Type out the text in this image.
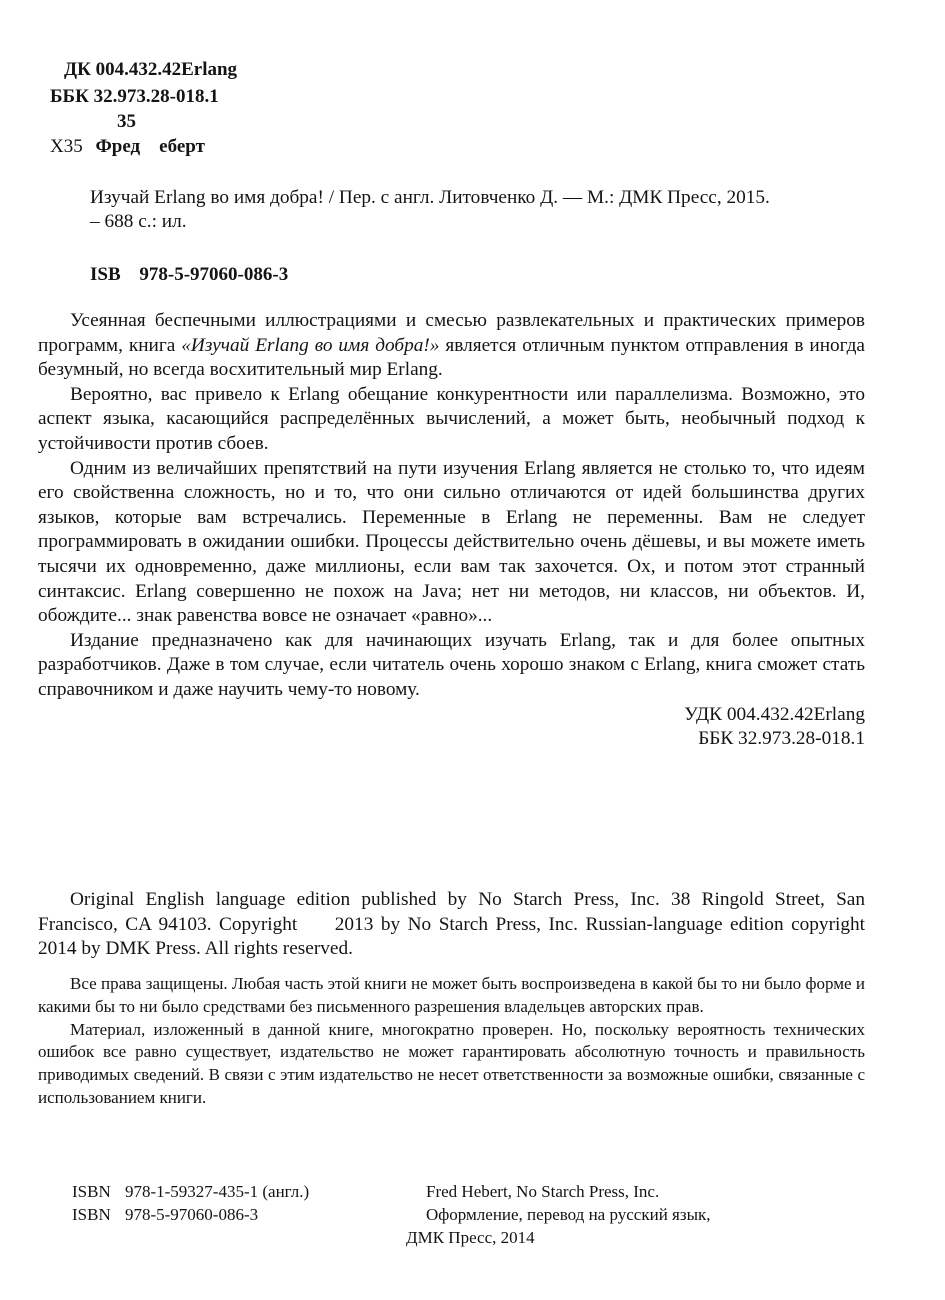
ДК 004.432.42Erlang
ББК 32.973.28-018.1
35
Х35 Фред    еберт
Изучай Erlang во имя добра! / Пер. с англ. Литовченко Д. — М.: ДМК Пресс, 2015.
– 688 с.: ил.
ISB 978-5-97060-086-3

Усеянная беспечными иллюстрациями и смесью развлекательных и практических примеров программ, книга «Изучай Erlang во имя добра!» является отличным пунктом отправления в иногда безумный, но всегда восхитительный мир Erlang.

Вероятно, вас привело к Erlang обещание конкурентности или параллелизма. Возможно, это аспект языка, касающийся распределённых вычислений, а может быть, необычный подход к устойчивости против сбоев.

Одним из величайших препятствий на пути изучения Erlang является не столько то, что идеям его свойственна сложность, но и то, что они сильно отличаются от идей большинства других языков, которые вам встречались. Переменные в Erlang не переменны. Вам не следует программировать в ожидании ошибки. Процессы действительно очень дёшевы, и вы можете иметь тысячи их одновременно, даже миллионы, если вам так захочется. Ох, и потом этот странный синтаксис. Erlang совершенно не похож на Java; нет ни методов, ни классов, ни объектов. И, обождите... знак равенства вовсе не означает «равно»...

Издание предназначено как для начинающих изучать Erlang, так и для более опытных разработчиков. Даже в том случае, если читатель очень хорошо знаком с Erlang, книга сможет стать справочником и даже научить чему-то новому.

УДК 004.432.42Erlang
ББК 32.973.28-018.1

Original English language edition published by No Starch Press, Inc. 38 Ringold Street, San Francisco, CA 94103. Copyright     2013 by No Starch Press, Inc. Russian-language edition copyright     2014 by DMK Press. All rights reserved.

Все права защищены. Любая часть этой книги не может быть воспроизведена в какой бы то ни было форме и какими бы то ни было средствами без письменного разрешения владельцев авторских прав.

Материал, изложенный в данной книге, многократно проверен. Но, поскольку вероятность технических ошибок все равно существует, издательство не может гарантировать абсолютную точность и правильность приводимых сведений. В связи с этим издательство не несет ответственности за возможные ошибки, связанные с использованием книги.

ISBN 978-1-59327-435-1 (англ.)
ISBN 978-5-97060-086-3
Fred Hebert, No Starch Press, Inc.
Оформление, перевод на русский язык,
ДМК Пресс, 2014
